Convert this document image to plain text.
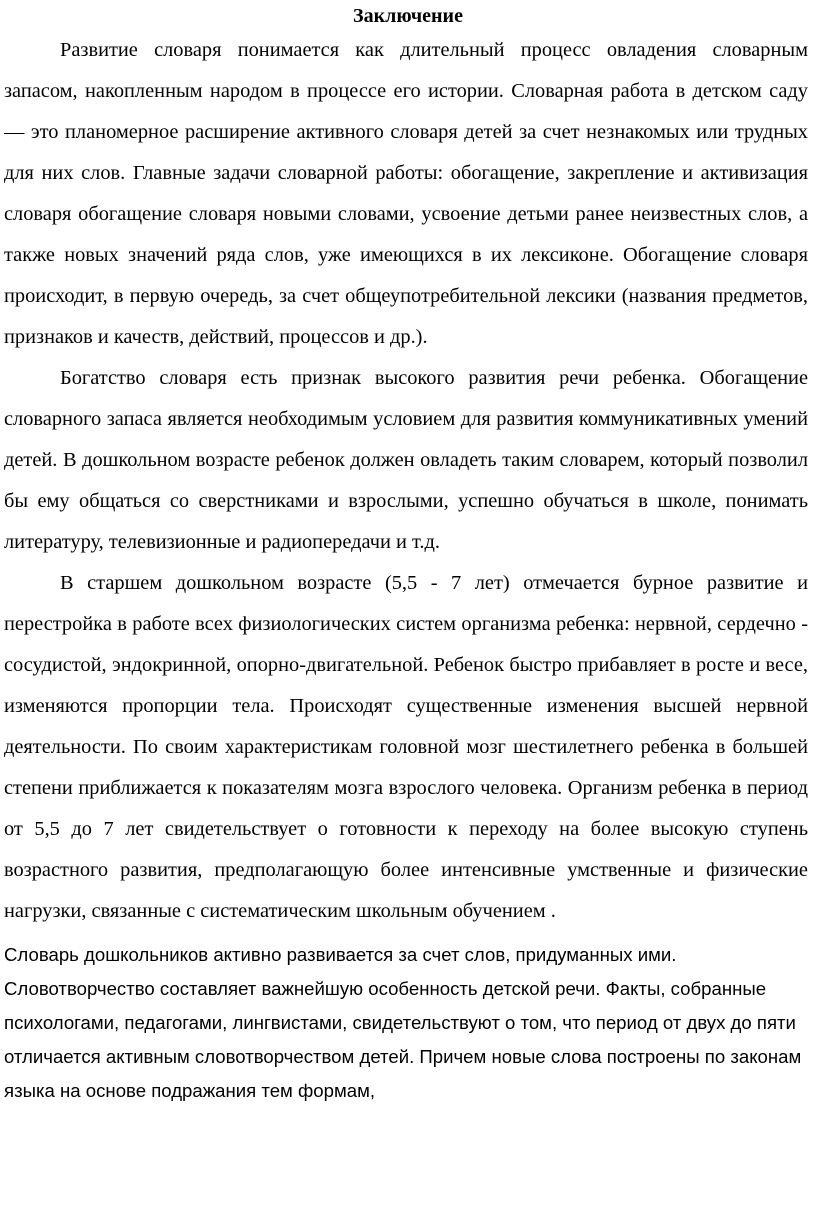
Заключение

Развитие словаря понимается как длительный процесс овладения словарным запасом, накопленным народом в процессе его истории. Словарная работа в детском саду — это планомерное расширение активного словаря детей за счет незнакомых или трудных для них слов. Главные задачи словарной работы: обогащение, закрепление и активизация словаря обогащение словаря новыми словами, усвоение детьми ранее неизвестных слов, а также новых значений ряда слов, уже имеющихся в их лексиконе. Обогащение словаря происходит, в первую очередь, за счет общеупотребительной лексики (названия предметов, признаков и качеств, действий, процессов и др.).

Богатство словаря есть признак высокого развития речи ребенка. Обогащение словарного запаса является необходимым условием для развития коммуникативных умений детей. В дошкольном возрасте ребенок должен овладеть таким словарем, который позволил бы ему общаться со сверстниками и взрослыми, успешно обучаться в школе, понимать литературу, телевизионные и радиопередачи и т.д.

В старшем дошкольном возрасте (5,5 - 7 лет) отмечается бурное развитие и перестройка в работе всех физиологических систем организма ребенка: нервной, сердечно - сосудистой, эндокринной, опорно-двигательной. Ребенок быстро прибавляет в росте и весе, изменяются пропорции тела. Происходят существенные изменения высшей нервной деятельности. По своим характеристикам головной мозг шестилетнего ребенка в большей степени приближается к показателям мозга взрослого человека. Организм ребенка в период от 5,5 до 7 лет свидетельствует о готовности к переходу на более высокую ступень возрастного развития, предполагающую более интенсивные умственные и физические нагрузки, связанные с систематическим школьным обучением .

Словарь дошкольников активно развивается за счет слов, придуманных ими. Словотворчество составляет важнейшую особенность детской речи. Факты, собранные психологами, педагогами, лингвистами, свидетельствуют о том, что период от двух до пяти отличается активным словотворчеством детей. Причем новые слова построены по законам языка на основе подражания тем формам,
